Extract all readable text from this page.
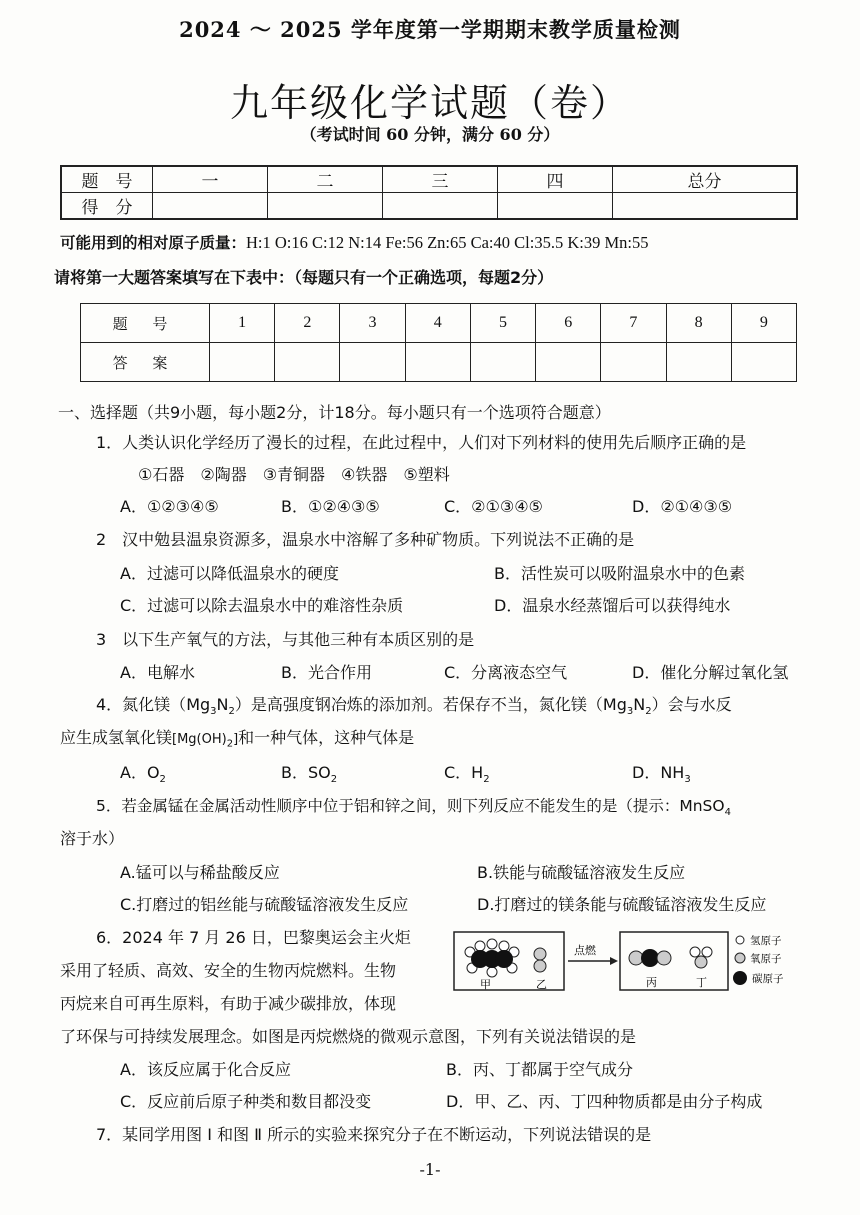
2024 ～ 2025 学年度第一学期期末教学质量检测
九年级化学试题（卷）
（考试时间 60 分钟，满分 60 分）
题　号	一	二	三	四	总分
得　分					
可能用到的相对原子质量：H:1 O:16 C:12 N:14 Fe:56 Zn:65 Ca:40 Cl:35.5 K:39 Mn:55
请将第一大题答案填写在下表中：（每题只有一个正确选项，每题2分）
题 号	1	2	3	4	5	6	7	8	9
答 案									
一、选择题（共9小题，每小题2分，计18分。每小题只有一个选项符合题意）
1．人类认识化学经历了漫长的过程，在此过程中，人们对下列材料的使用先后顺序正确的是
①石器　②陶器　③青铜器　④铁器　⑤塑料
A．①②③④⑤	B．①②④③⑤	C．②①③④⑤	D．②①④③⑤
2　汉中勉县温泉资源多，温泉水中溶解了多种矿物质。下列说法不正确的是
A．过滤可以降低温泉水的硬度	B．活性炭可以吸附温泉水中的色素
C．过滤可以除去温泉水中的难溶性杂质	D．温泉水经蒸馏后可以获得纯水
3　以下生产氧气的方法，与其他三种有本质区别的是
A．电解水	B．光合作用	C．分离液态空气	D．催化分解过氧化氢
4．氮化镁$(Mg_3N_2)$是高强度钢冶炼的添加剂。若保存不当，氮化镁$(Mg_3N_2)$会与水反
应生成氢氧化镁$[Mg(OH)_2]$和一种气体，这种气体是
A．$O_2$	B．$SO_2$	C．$H_2$	D．$NH_3$
5．若金属锰在金属活动性顺序中位于铝和锌之间，则下列反应不能发生的是（提示：MnSO$_4$
溶于水）
A.锰可以与稀盐酸反应	B.铁能与硫酸锰溶液发生反应
C.打磨过的铝丝能与硫酸锰溶液发生反应	D.打磨过的镁条能与硫酸锰溶液发生反应
6．2024 年 7 月 26 日，巴黎奥运会主火炬
采用了轻质、高效、安全的生物丙烷燃料。生物
丙烷来自可再生原料，有助于减少碳排放，体现
了环保与可持续发展理念。如图是丙烷燃烧的微观示意图，下列有关说法错误的是
A．该反应属于化合反应	B．丙、丁都属于空气成分
C．反应前后原子种类和数目都没变	D．甲、乙、丙、丁四种物质都是由分子构成
甲	乙
点燃
丙	丁
氢原子
氧原子
碳原子
7．某同学用图 Ⅰ 和图 Ⅱ 所示的实验来探究分子在不断运动，下列说法错误的是
-1-
